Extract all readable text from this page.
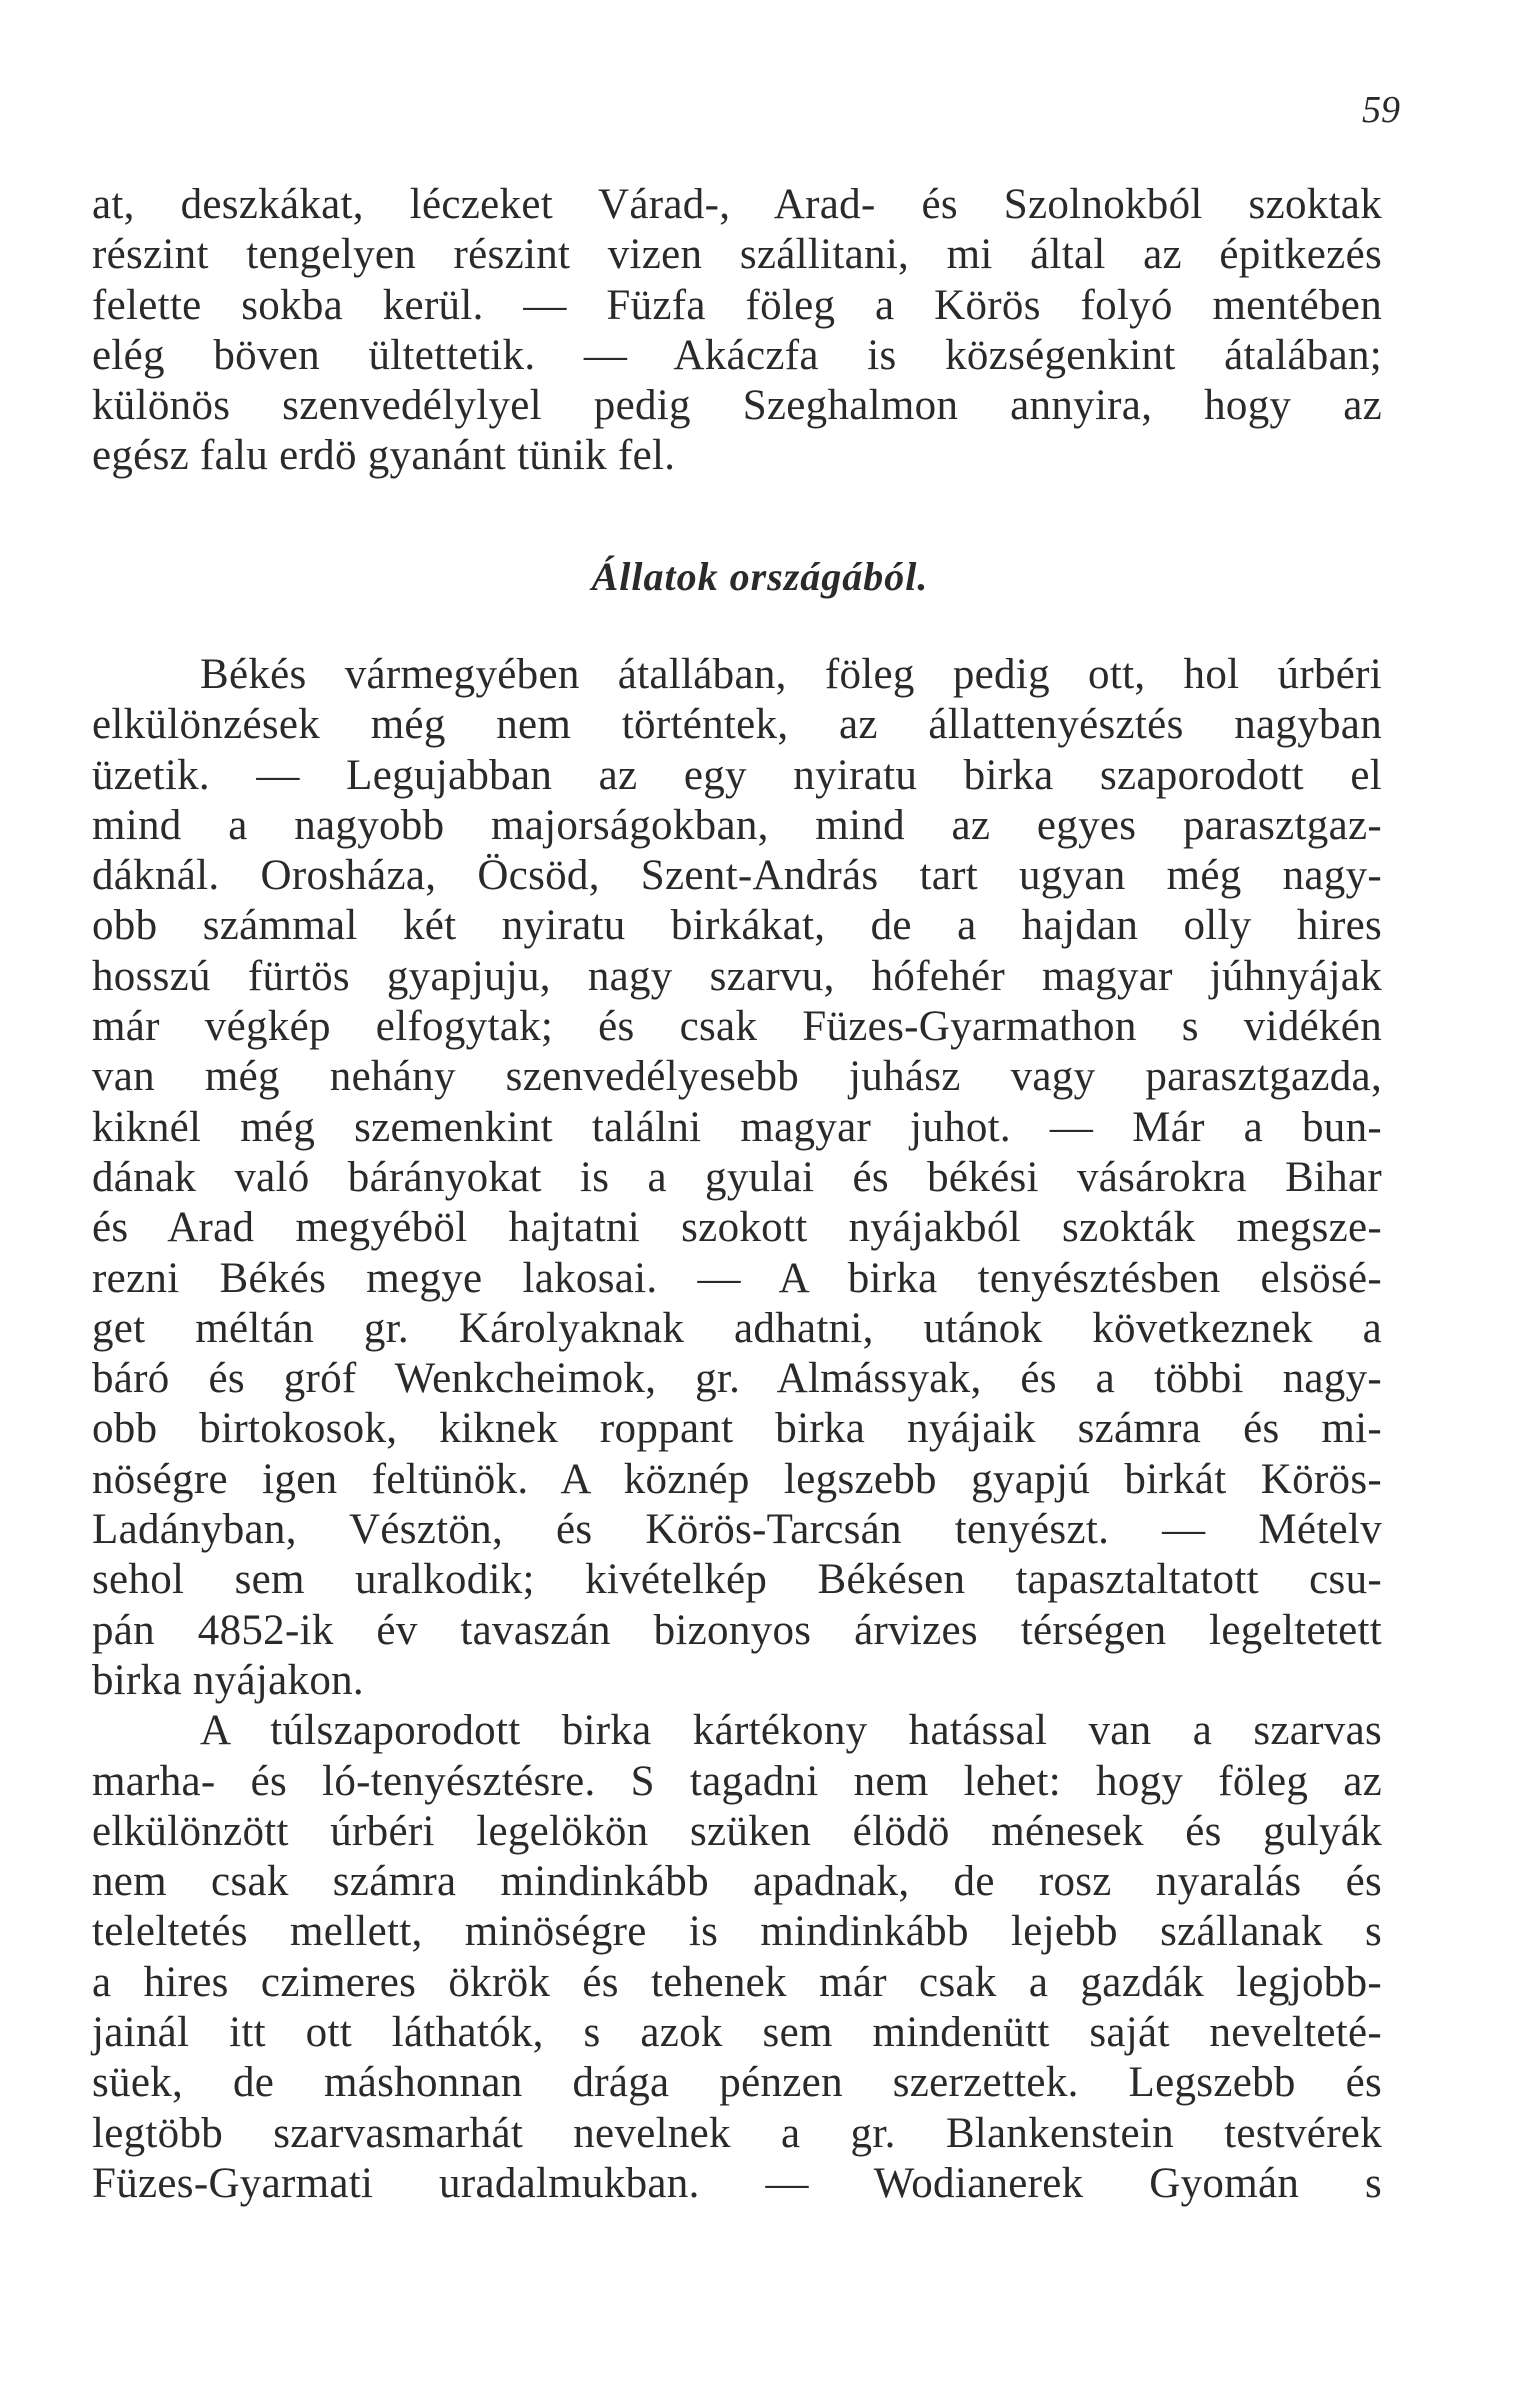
59
at, deszkákat, léczeket Várad-, Arad- és Szolnokból szoktak
részint tengelyen részint vizen szállitani, mi által az épitkezés
felette sokba kerül. — Füzfa föleg a Körös folyó mentében
elég böven ültettetik. — Akáczfa is községenkint átalában;
különös szenvedélylyel pedig Szeghalmon annyira, hogy az
egész falu erdö gyanánt tünik fel.
Állatok országából.
Békés vármegyében átallában, föleg pedig ott, hol úrbéri
elkülönzések még nem történtek, az állattenyésztés nagyban
üzetik. — Legujabban az egy nyiratu birka szaporodott el
mind a nagyobb majorságokban, mind az egyes parasztgaz-
dáknál. Orosháza, Öcsöd, Szent-András tart ugyan még nagy-
obb számmal két nyiratu birkákat, de a hajdan olly hires
hosszú fürtös gyapjuju, nagy szarvu, hófehér magyar júhnyájak
már végkép elfogytak; és csak Füzes-Gyarmathon s vidékén
van még nehány szenvedélyesebb juhász vagy parasztgazda,
kiknél még szemenkint találni magyar juhot. — Már a bun-
dának való bárányokat is a gyulai és békési vásárokra Bihar
és Arad megyéböl hajtatni szokott nyájakból szokták megsze-
rezni Békés megye lakosai. — A birka tenyésztésben elsösé-
get méltán gr. Károlyaknak adhatni, utánok következnek a
báró és gróf Wenkcheimok, gr. Almássyak, és a többi nagy-
obb birtokosok, kiknek roppant birka nyájaik számra és mi-
nöségre igen feltünök. A köznép legszebb gyapjú birkát Körös-
Ladányban, Vésztön, és Körös-Tarcsán tenyészt. — Mételv
sehol sem uralkodik; kivételkép Békésen tapasztaltatott csu-
pán 4852-ik év tavaszán bizonyos árvizes térségen legeltetett
birka nyájakon.
A túlszaporodott birka kártékony hatással van a szarvas
marha- és ló-tenyésztésre. S tagadni nem lehet: hogy föleg az
elkülönzött úrbéri legelökön szüken élödö ménesek és gulyák
nem csak számra mindinkább apadnak, de rosz nyaralás és
teleltetés mellett, minöségre is mindinkább lejebb szállanak s
a hires czimeres ökrök és tehenek már csak a gazdák legjobb-
jainál itt ott láthatók, s azok sem mindenütt saját nevelteté-
süek, de máshonnan drága pénzen szerzettek. Legszebb és
legtöbb szarvasmarhát nevelnek a gr. Blankenstein testvérek
Füzes-Gyarmati uradalmukban. — Wodianerek Gyomán s
